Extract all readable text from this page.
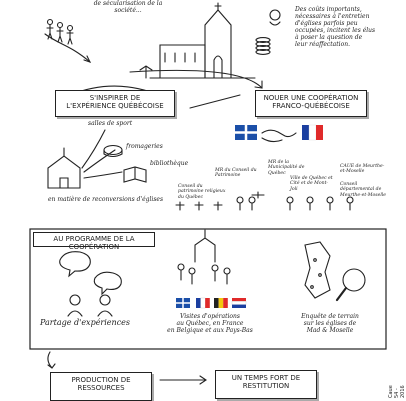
de sécularisation de la société...	Des coûts importants,
nécessaires à l'entretien
d'églises parfois peu
occupées, incitent les élus
à poser la question de
leur réaffectation.
S'INSPIRER DE
L'EXPÉRIENCE QUÉBÉCOISE
salles de sport
fromageries
bibliothèque
en matière de reconversions d'églises
NOUER UNE COOPÉRATION
FRANCO-QUÉBÉCOISE
MR de la Municipalité de Québec
MR du Conseil du Patrimoine
Ville de Québec et Cité et de Mont-Joli
Conseil du patrimoine religieux du Québec
CAUE de Meurthe-et-Moselle
Conseil départemental de Meurthe-et-Moselle
AU PROGRAMME DE LA COOPÉRATION
Partage d'expériences
Visites d'opérations
au Québec, en France
en Belgique et aux Pays-Bas
Enquête de terrain
sur les églises de
Mad & Moselle
PRODUCTION DE
RESSOURCES
UN TEMPS FORT DE
RESTITUTION	Caue 54 - 2016
